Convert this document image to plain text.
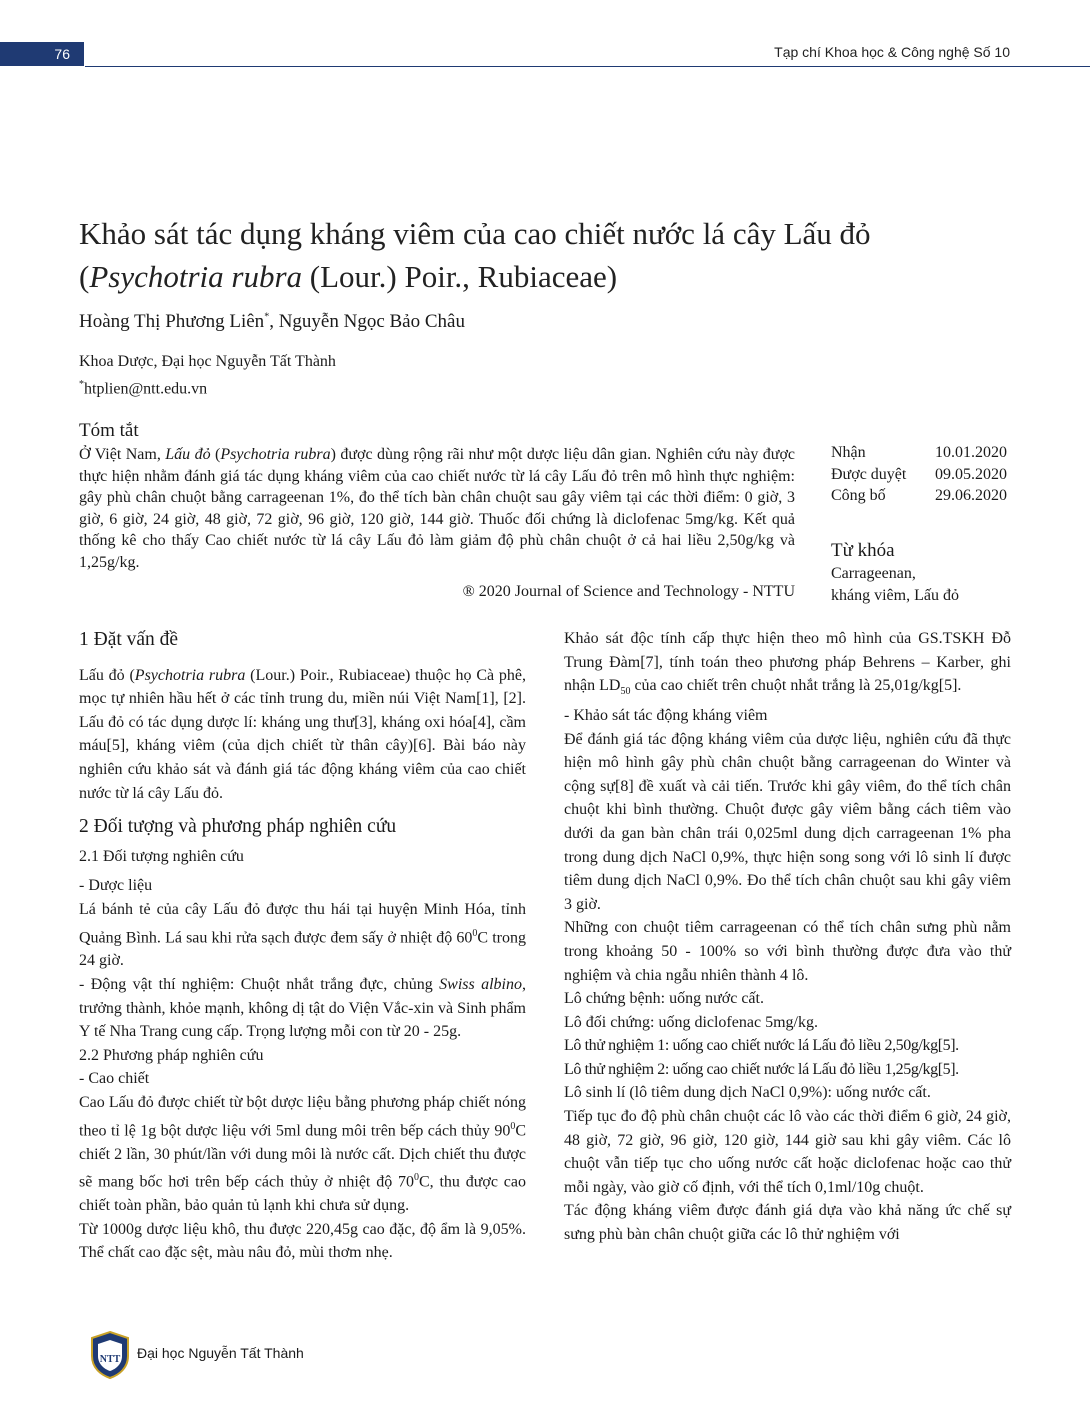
76	Tạp chí Khoa học & Công nghệ Số 10
Khảo sát tác dụng kháng viêm của cao chiết nước lá cây Lấu đỏ
(Psychotria rubra (Lour.) Poir., Rubiaceae)
Hoàng Thị Phương Liên*, Nguyễn Ngọc Bảo Châu
Khoa Dược, Đại học Nguyễn Tất Thành
*htplien@ntt.edu.vn
Tóm tắt
Ở Việt Nam, Lấu đỏ (Psychotria rubra) được dùng rộng rãi như một dược liệu dân gian. Nghiên cứu này được thực hiện nhằm đánh giá tác dụng kháng viêm của cao chiết nước từ lá cây Lấu đỏ trên mô hình thực nghiệm: gây phù chân chuột bằng carrageenan 1%, đo thể tích bàn chân chuột sau gây viêm tại các thời điểm: 0 giờ, 3 giờ, 6 giờ, 24 giờ, 48 giờ, 72 giờ, 96 giờ, 120 giờ, 144 giờ. Thuốc đối chứng là diclofenac 5mg/kg. Kết quả thống kê cho thấy Cao chiết nước từ lá cây Lấu đỏ làm giảm độ phù chân chuột ở cả hai liều 2,50g/kg và 1,25g/kg.
® 2020 Journal of Science and Technology - NTTU
Nhận	10.01.2020
Được duyệt 09.05.2020
Công bố	29.06.2020
Từ khóa
Carrageenan,
kháng viêm, Lấu đỏ

1 Đặt vấn đề

Lấu đỏ (Psychotria rubra (Lour.) Poir., Rubiaceae) thuộc họ Cà phê, mọc tự nhiên hầu hết ở các tỉnh trung du, miền núi Việt Nam[1], [2]. Lấu đỏ có tác dụng dược lí: kháng ung thư[3], kháng oxi hóa[4], cầm máu[5], kháng viêm (của dịch chiết từ thân cây)[6]. Bài báo này nghiên cứu khảo sát và đánh giá tác động kháng viêm của cao chiết nước từ lá cây Lấu đỏ.

2 Đối tượng và phương pháp nghiên cứu

2.1 Đối tượng nghiên cứu

- Dược liệu

Lá bánh tẻ của cây Lấu đỏ được thu hái tại huyện Minh Hóa, tỉnh Quảng Bình. Lá sau khi rửa sạch được đem sấy ở nhiệt độ $60^0C$ trong 24 giờ.

- Động vật thí nghiệm: Chuột nhắt trắng đực, chủng Swiss albino, trưởng thành, khỏe mạnh, không dị tật do Viện Vắc-xin và Sinh phẩm Y tế Nha Trang cung cấp. Trọng lượng mỗi con từ 20 - 25g.

2.2 Phương pháp nghiên cứu

- Cao chiết

Cao Lấu đỏ được chiết từ bột dược liệu bằng phương pháp chiết nóng theo tỉ lệ 1g bột dược liệu với 5ml dung môi trên bếp cách thủy $90^0C$ chiết 2 lần, 30 phút/lần với dung môi là nước cất. Dịch chiết thu được sẽ mang bốc hơi trên bếp cách thủy ở nhiệt độ $70^0C$, thu được cao chiết toàn phần, bảo quản tủ lạnh khi chưa sử dụng.

Từ 1000g dược liệu khô, thu được 220,45g cao đặc, độ ẩm là 9,05%. Thể chất cao đặc sệt, màu nâu đỏ, mùi thơm nhẹ.

Khảo sát độc tính cấp thực hiện theo mô hình của GS.TSKH Đỗ Trung Đàm[7], tính toán theo phương pháp Behrens – Karber, ghi nhận $LD_{50}$ của cao chiết trên chuột nhắt trắng là 25,01g/kg[5].

- Khảo sát tác động kháng viêm

Để đánh giá tác động kháng viêm của dược liệu, nghiên cứu đã thực hiện mô hình gây phù chân chuột bằng carrageenan do Winter và cộng sự[8] đề xuất và cải tiến. Trước khi gây viêm, đo thể tích chân chuột khi bình thường. Chuột được gây viêm bằng cách tiêm vào dưới da gan bàn chân trái 0,025ml dung dịch carrageenan 1% pha trong dung dịch NaCl 0,9%, thực hiện song song với lô sinh lí được tiêm dung dịch NaCl 0,9%. Đo thể tích chân chuột sau khi gây viêm 3 giờ.

Những con chuột tiêm carrageenan có thể tích chân sưng phù nằm trong khoảng 50 - 100% so với bình thường được đưa vào thử nghiệm và chia ngẫu nhiên thành 4 lô.

Lô chứng bệnh: uống nước cất.

Lô đối chứng: uống diclofenac 5mg/kg.

Lô thử nghiệm 1: uống cao chiết nước lá Lấu đỏ liều 2,50g/kg[5].

Lô thử nghiệm 2: uống cao chiết nước lá Lấu đỏ liều 1,25g/kg[5].

Lô sinh lí (lô tiêm dung dịch NaCl 0,9%): uống nước cất.

Tiếp tục đo độ phù chân chuột các lô vào các thời điểm 6 giờ, 24 giờ, 48 giờ, 72 giờ, 96 giờ, 120 giờ, 144 giờ sau khi gây viêm. Các lô chuột vẫn tiếp tục cho uống nước cất hoặc diclofenac hoặc cao thử mỗi ngày, vào giờ cố định, với thể tích 0,1ml/10g chuột.

Tác động kháng viêm được đánh giá dựa vào khả năng ức chế sự sưng phù bàn chân chuột giữa các lô thử nghiệm với

NTT Đại học Nguyễn Tất Thành
